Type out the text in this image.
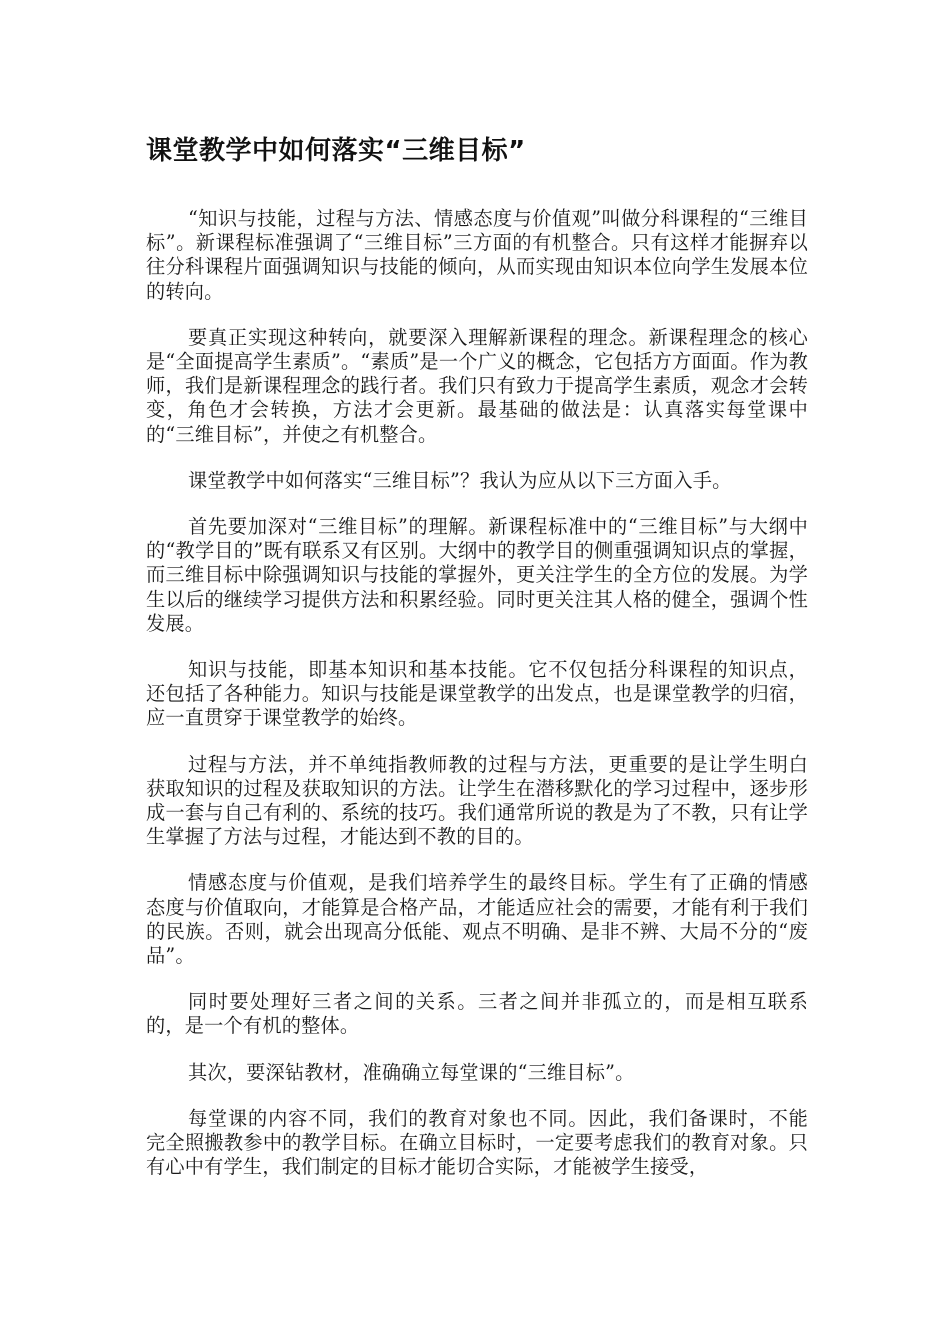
课堂教学中如何落实“三维目标”

“知识与技能，过程与方法、情感态度与价值观”叫做分科课程的“三维目标”。新课程标准强调了“三维目标”三方面的有机整合。只有这样才能摒弃以往分科课程片面强调知识与技能的倾向，从而实现由知识本位向学生发展本位的转向。

要真正实现这种转向，就要深入理解新课程的理念。新课程理念的核心是“全面提高学生素质”。“素质”是一个广义的概念，它包括方方面面。作为教师，我们是新课程理念的践行者。我们只有致力于提高学生素质，观念才会转变，角色才会转换，方法才会更新。最基础的做法是：认真落实每堂课中的“三维目标”，并使之有机整合。

课堂教学中如何落实“三维目标”？我认为应从以下三方面入手。

首先要加深对“三维目标”的理解。新课程标准中的“三维目标”与大纲中的“教学目的”既有联系又有区别。大纲中的教学目的侧重强调知识点的掌握，而三维目标中除强调知识与技能的掌握外，更关注学生的全方位的发展。为学生以后的继续学习提供方法和积累经验。同时更关注其人格的健全，强调个性发展。

知识与技能，即基本知识和基本技能。它不仅包括分科课程的知识点，还包括了各种能力。知识与技能是课堂教学的出发点，也是课堂教学的归宿，应一直贯穿于课堂教学的始终。

过程与方法，并不单纯指教师教的过程与方法，更重要的是让学生明白获取知识的过程及获取知识的方法。让学生在潜移默化的学习过程中，逐步形成一套与自己有利的、系统的技巧。我们通常所说的教是为了不教，只有让学生掌握了方法与过程，才能达到不教的目的。

情感态度与价值观，是我们培养学生的最终目标。学生有了正确的情感态度与价值取向，才能算是合格产品，才能适应社会的需要，才能有利于我们的民族。否则，就会出现高分低能、观点不明确、是非不辨、大局不分的“废品”。

同时要处理好三者之间的关系。三者之间并非孤立的，而是相互联系的，是一个有机的整体。

其次，要深钻教材，准确确立每堂课的“三维目标”。

每堂课的内容不同，我们的教育对象也不同。因此，我们备课时，不能完全照搬教参中的教学目标。在确立目标时，一定要考虑我们的教育对象。只有心中有学生，我们制定的目标才能切合实际，才能被学生接受，
